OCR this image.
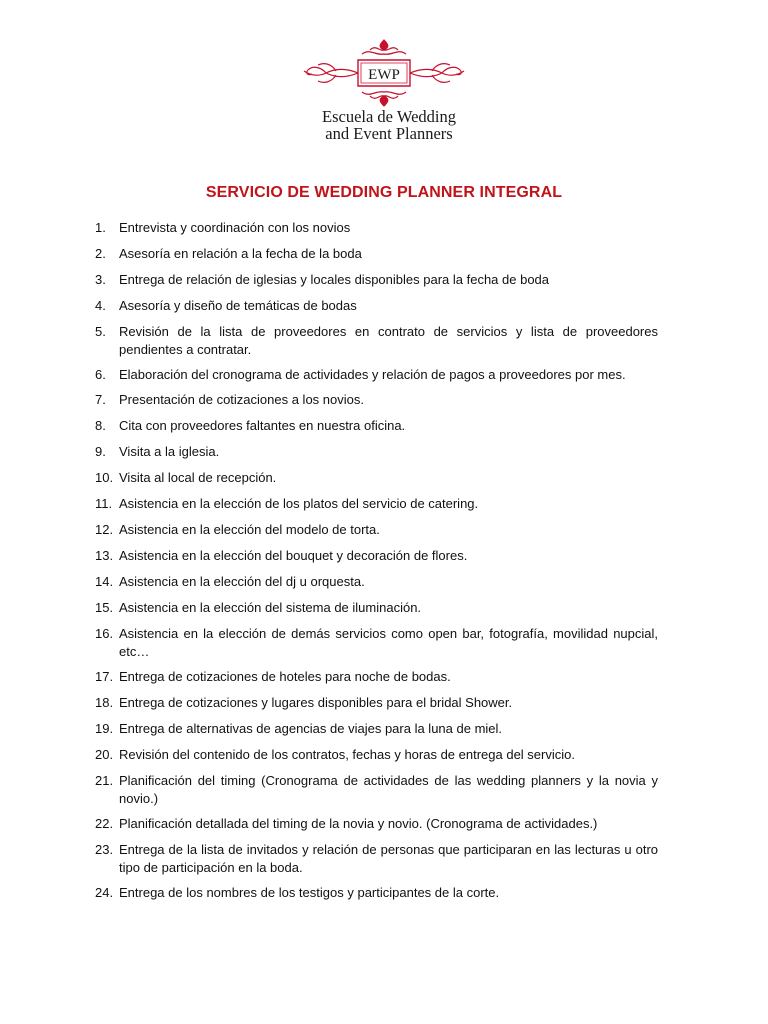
EWP
Escuela de Wedding
and Event Planners
SERVICIO DE WEDDING PLANNER INTEGRAL
1. Entrevista y coordinación con los novios
2. Asesoría en relación a la fecha de la boda
3. Entrega de relación de iglesias y locales disponibles para la fecha de boda
4. Asesoría y diseño de temáticas de bodas
5. Revisión de la lista de proveedores en contrato de servicios y lista de proveedores pendientes a contratar.
6. Elaboración del cronograma de actividades y relación de pagos a proveedores por mes.
7. Presentación de cotizaciones a los novios.
8. Cita con proveedores faltantes en nuestra oficina.
9. Visita a la iglesia.
10. Visita al local de recepción.
11. Asistencia en la elección de los platos del servicio de catering.
12. Asistencia en la elección del modelo de torta.
13. Asistencia en la elección del bouquet y decoración de flores.
14. Asistencia en la elección del dj u orquesta.
15. Asistencia en la elección del sistema de iluminación.
16. Asistencia en la elección de demás servicios como open bar, fotografía, movilidad nupcial, etc…
17. Entrega de cotizaciones de hoteles para noche de bodas.
18. Entrega de cotizaciones y lugares disponibles para el bridal Shower.
19. Entrega de alternativas de agencias de viajes para la luna de miel.
20. Revisión del contenido de los contratos, fechas y horas de entrega del servicio.
21. Planificación del timing (Cronograma de actividades de las wedding planners y la novia y novio.)
22. Planificación detallada del timing de la novia y novio. (Cronograma de actividades.)
23. Entrega de la lista de invitados y relación de personas que participaran en las lecturas u otro tipo de participación en la boda.
24. Entrega de los nombres de los testigos y participantes de la corte.
